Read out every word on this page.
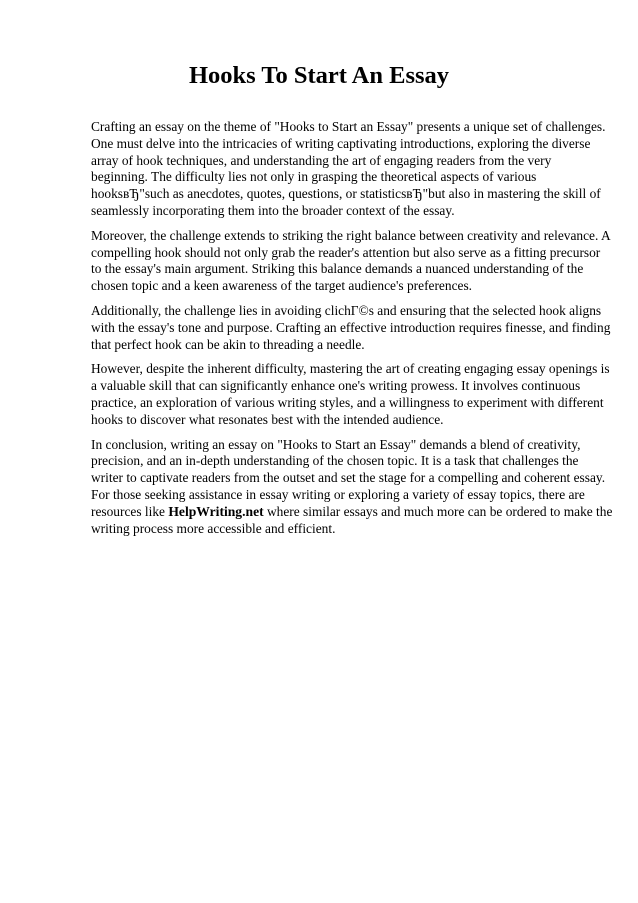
Hooks To Start An Essay

Crafting an essay on the theme of "Hooks to Start an Essay" presents a unique set of challenges.
One must delve into the intricacies of writing captivating introductions, exploring the diverse
array of hook techniques, and understanding the art of engaging readers from the very
beginning. The difficulty lies not only in grasping the theoretical aspects of various
hooksвЂ"such as anecdotes, quotes, questions, or statisticsвЂ"but also in mastering the skill of
seamlessly incorporating them into the broader context of the essay.

Moreover, the challenge extends to striking the right balance between creativity and relevance. A
compelling hook should not only grab the reader's attention but also serve as a fitting precursor
to the essay's main argument. Striking this balance demands a nuanced understanding of the
chosen topic and a keen awareness of the target audience's preferences.

Additionally, the challenge lies in avoiding clichГ©s and ensuring that the selected hook aligns
with the essay's tone and purpose. Crafting an effective introduction requires finesse, and finding
that perfect hook can be akin to threading a needle.

However, despite the inherent difficulty, mastering the art of creating engaging essay openings is
a valuable skill that can significantly enhance one's writing prowess. It involves continuous
practice, an exploration of various writing styles, and a willingness to experiment with different
hooks to discover what resonates best with the intended audience.

In conclusion, writing an essay on "Hooks to Start an Essay" demands a blend of creativity,
precision, and an in-depth understanding of the chosen topic. It is a task that challenges the
writer to captivate readers from the outset and set the stage for a compelling and coherent essay.
For those seeking assistance in essay writing or exploring a variety of essay topics, there are
resources like HelpWriting.net where similar essays and much more can be ordered to make the
writing process more accessible and efficient.
